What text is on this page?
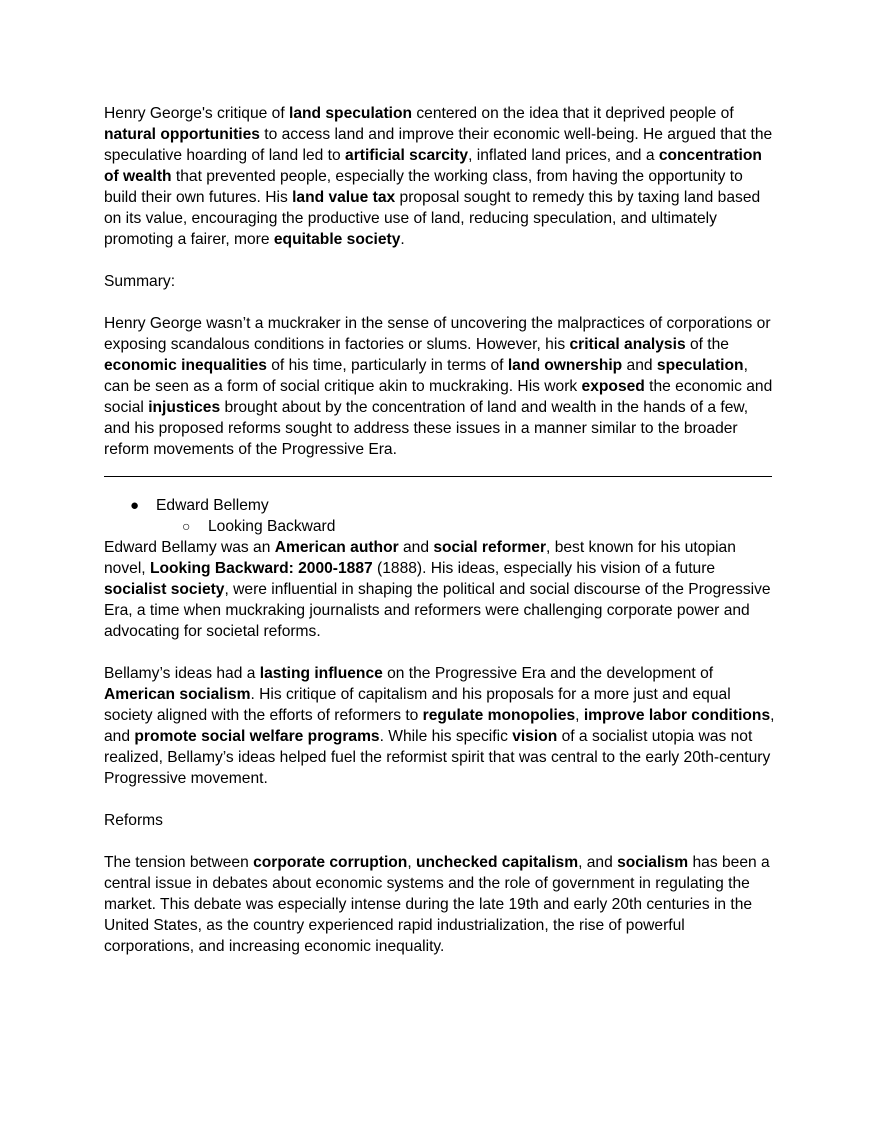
Henry George's critique of land speculation centered on the idea that it deprived people of natural opportunities to access land and improve their economic well-being. He argued that the speculative hoarding of land led to artificial scarcity, inflated land prices, and a concentration of wealth that prevented people, especially the working class, from having the opportunity to build their own futures. His land value tax proposal sought to remedy this by taxing land based on its value, encouraging the productive use of land, reducing speculation, and ultimately promoting a fairer, more equitable society.

Summary:

Henry George wasn’t a muckraker in the sense of uncovering the malpractices of corporations or exposing scandalous conditions in factories or slums. However, his critical analysis of the economic inequalities of his time, particularly in terms of land ownership and speculation, can be seen as a form of social critique akin to muckraking. His work exposed the economic and social injustices brought about by the concentration of land and wealth in the hands of a few, and his proposed reforms sought to address these issues in a manner similar to the broader reform movements of the Progressive Era.

●	Edward Bellemy
○	Looking Backward

Edward Bellamy was an American author and social reformer, best known for his utopian novel, Looking Backward: 2000-1887 (1888). His ideas, especially his vision of a future socialist society, were influential in shaping the political and social discourse of the Progressive Era, a time when muckraking journalists and reformers were challenging corporate power and advocating for societal reforms.

Bellamy’s ideas had a lasting influence on the Progressive Era and the development of American socialism. His critique of capitalism and his proposals for a more just and equal society aligned with the efforts of reformers to regulate monopolies, improve labor conditions, and promote social welfare programs. While his specific vision of a socialist utopia was not realized, Bellamy’s ideas helped fuel the reformist spirit that was central to the early 20th-century Progressive movement.

Reforms

The tension between corporate corruption, unchecked capitalism, and socialism has been a central issue in debates about economic systems and the role of government in regulating the market. This debate was especially intense during the late 19th and early 20th centuries in the United States, as the country experienced rapid industrialization, the rise of powerful corporations, and increasing economic inequality.
